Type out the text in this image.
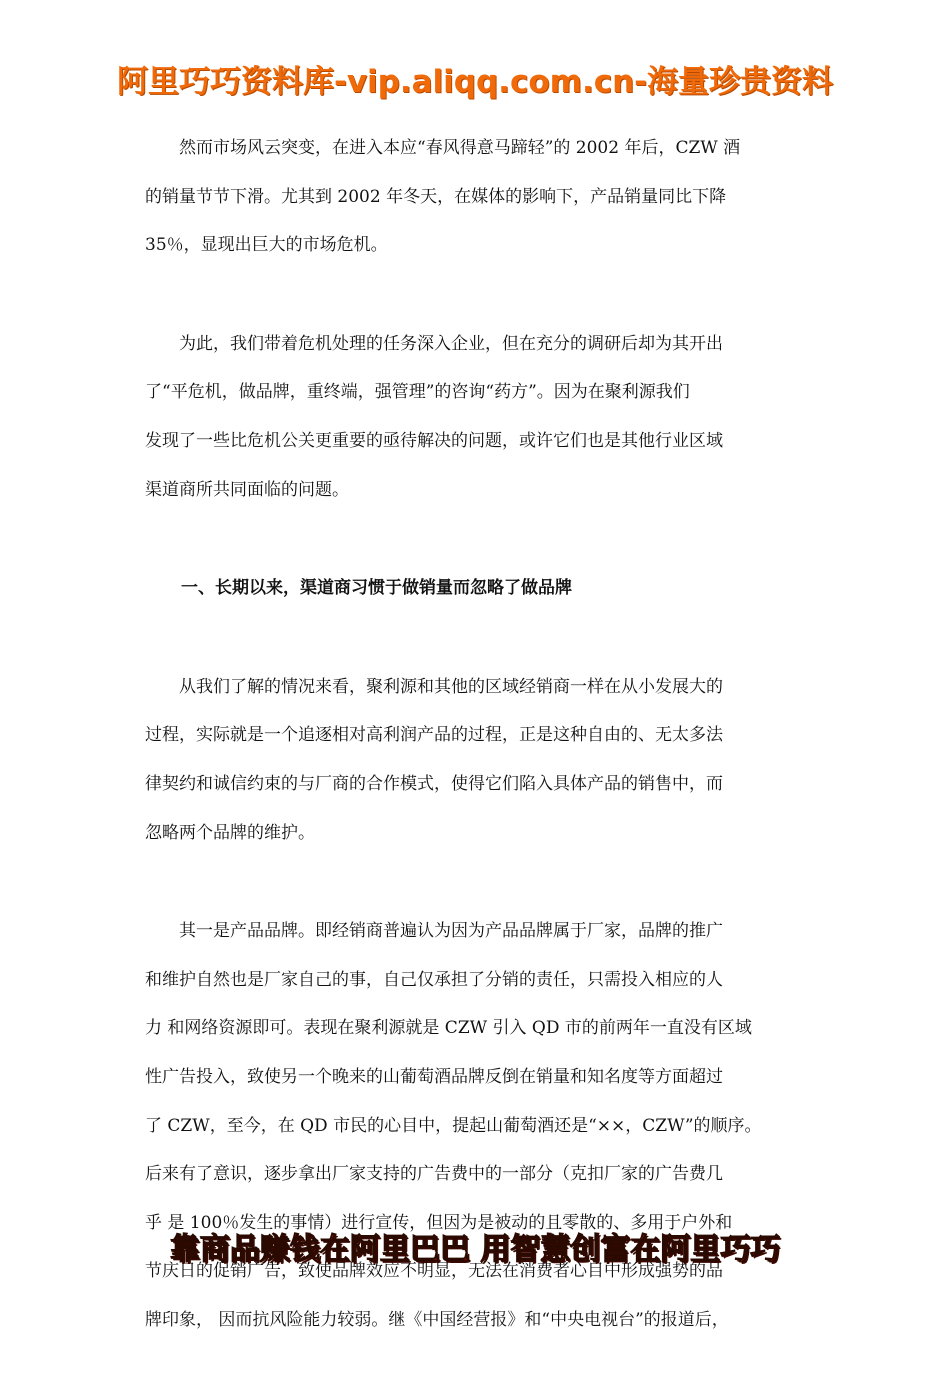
阿里巧巧资料库-vip.aliqq.com.cn-海量珍贵资料
　　然而市场风云突变，在进入本应“春风得意马蹄轻”的 2002 年后，CZW 酒
的销量节节下滑。尤其到 2002 年冬天，在媒体的影响下，产品销量同比下降
35％，显现出巨大的市场危机。
　　为此，我们带着危机处理的任务深入企业，但在充分的调研后却为其开出
了“平危机，做品牌，重终端，强管理”的咨询“药方”。因为在聚利源我们
发现了一些比危机公关更重要的亟待解决的问题，或许它们也是其他行业区域
渠道商所共同面临的问题。
一、长期以来，渠道商习惯于做销量而忽略了做品牌
　　从我们了解的情况来看，聚利源和其他的区域经销商一样在从小发展大的
过程，实际就是一个追逐相对高利润产品的过程，正是这种自由的、无太多法
律契约和诚信约束的与厂商的合作模式，使得它们陷入具体产品的销售中，而
忽略两个品牌的维护。
　　其一是产品品牌。即经销商普遍认为因为产品品牌属于厂家，品牌的推广
和维护自然也是厂家自己的事，自己仅承担了分销的责任，只需投入相应的人
力 和网络资源即可。表现在聚利源就是 CZW 引入 QD 市的前两年一直没有区域
性广告投入，致使另一个晚来的山葡萄酒品牌反倒在销量和知名度等方面超过
了 CZW，至今，在 QD 市民的心目中，提起山葡萄酒还是“××，CZW”的顺序。
后来有了意识，逐步拿出厂家支持的广告费中的一部分（克扣厂家的广告费几
乎 是 100％发生的事情）进行宣传，但因为是被动的且零散的、多用于户外和
节庆日的促销广告，致使品牌效应不明显，无法在消费者心目中形成强势的品
牌印象， 因而抗风险能力较弱。继《中国经营报》和“中央电视台”的报道后，
靠商品赚钱在阿里巴巴 用智慧创富在阿里巧巧
